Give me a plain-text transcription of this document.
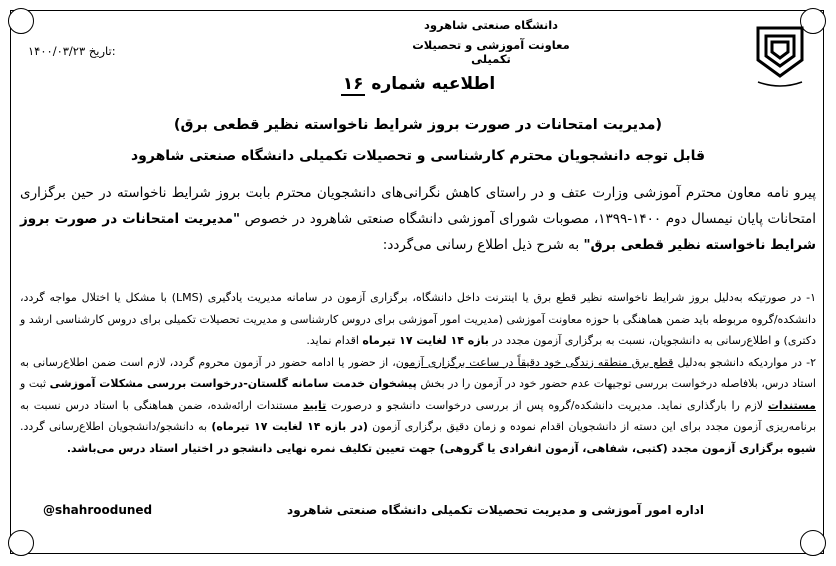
دانشگاه صنعتی شاهرود
معاونت آموزشی و تحصیلات تکمیلی
۱۴۰۰/۰۳/۲۳ تاریخ:
اطلاعیه شماره ۱۶
(مدیریت امتحانات در صورت بروز شرایط ناخواسته نظیر قطعی برق)
قابل توجه دانشجویان محترم کارشناسی و تحصیلات تکمیلی دانشگاه صنعتی شاهرود
پیرو نامه معاون محترم آموزشی وزارت عتف و در راستای کاهش نگرانی‌های دانشجویان محترم بابت بروز شرایط ناخواسته در حین برگزاری امتحانات پایان نیمسال دوم ۱۴۰۰-۱۳۹۹، مصوبات شورای آموزشی دانشگاه صنعتی شاهرود در خصوص "مدیریت امتحانات در صورت بروز شرایط ناخواسته نظیر قطعی برق" به شرح ذیل اطلاع رسانی می‌گردد:

۱- در صورتیکه به‌دلیل بروز شرایط ناخواسته نظیر قطع برق یا اینترنت داخل دانشگاه، برگزاری آزمون در سامانه مدیریت یادگیری (LMS) با مشکل یا اختلال مواجه گردد، دانشکده/گروه مربوطه باید ضمن هماهنگی با حوزه معاونت آموزشی (مدیریت امور آموزشی برای دروس کارشناسی و مدیریت تحصیلات تکمیلی برای دروس کارشناسی ارشد و دکتری) و اطلاع‌رسانی به دانشجویان، نسبت به برگزاری آزمون مجدد در بازه ۱۴ لغایت ۱۷ تیرماه اقدام نماید.

۲- در مواردیکه دانشجو به‌دلیل قطع برق منطقه زندگی خود دقیقاً در ساعت برگزاری آزمون، از حضور یا ادامه حضور در آزمون محروم گردد، لازم است ضمن اطلاع‌رسانی به استاد درس، بلافاصله درخواست بررسی توجیهات عدم حضور خود در آزمون را در بخش پیشخوان خدمت سامانه گلستان-درخواست بررسی مشکلات آموزشی ثبت و مستندات لازم را بارگذاری نماید. مدیریت دانشکده/گروه پس از بررسی درخواست دانشجو و درصورت تایید مستندات ارائه‌شده، ضمن هماهنگی با استاد درس نسبت به برنامه‌ریزی آزمون مجدد برای این دسته از دانشجویان اقدام نموده و زمان دقیق برگزاری آزمون (در بازه ۱۴ لغایت ۱۷ تیرماه) به دانشجو/دانشجویان اطلاع‌رسانی گردد. شیوه برگزاری آزمون مجدد (کتبی، شفاهی، آزمون انفرادی یا گروهی) جهت تعیین تکلیف نمره نهایی دانشجو در اختیار استاد درس می‌باشد.

اداره امور آموزشی و مدیریت تحصیلات تکمیلی دانشگاه صنعتی شاهرود
@shahrooduned
